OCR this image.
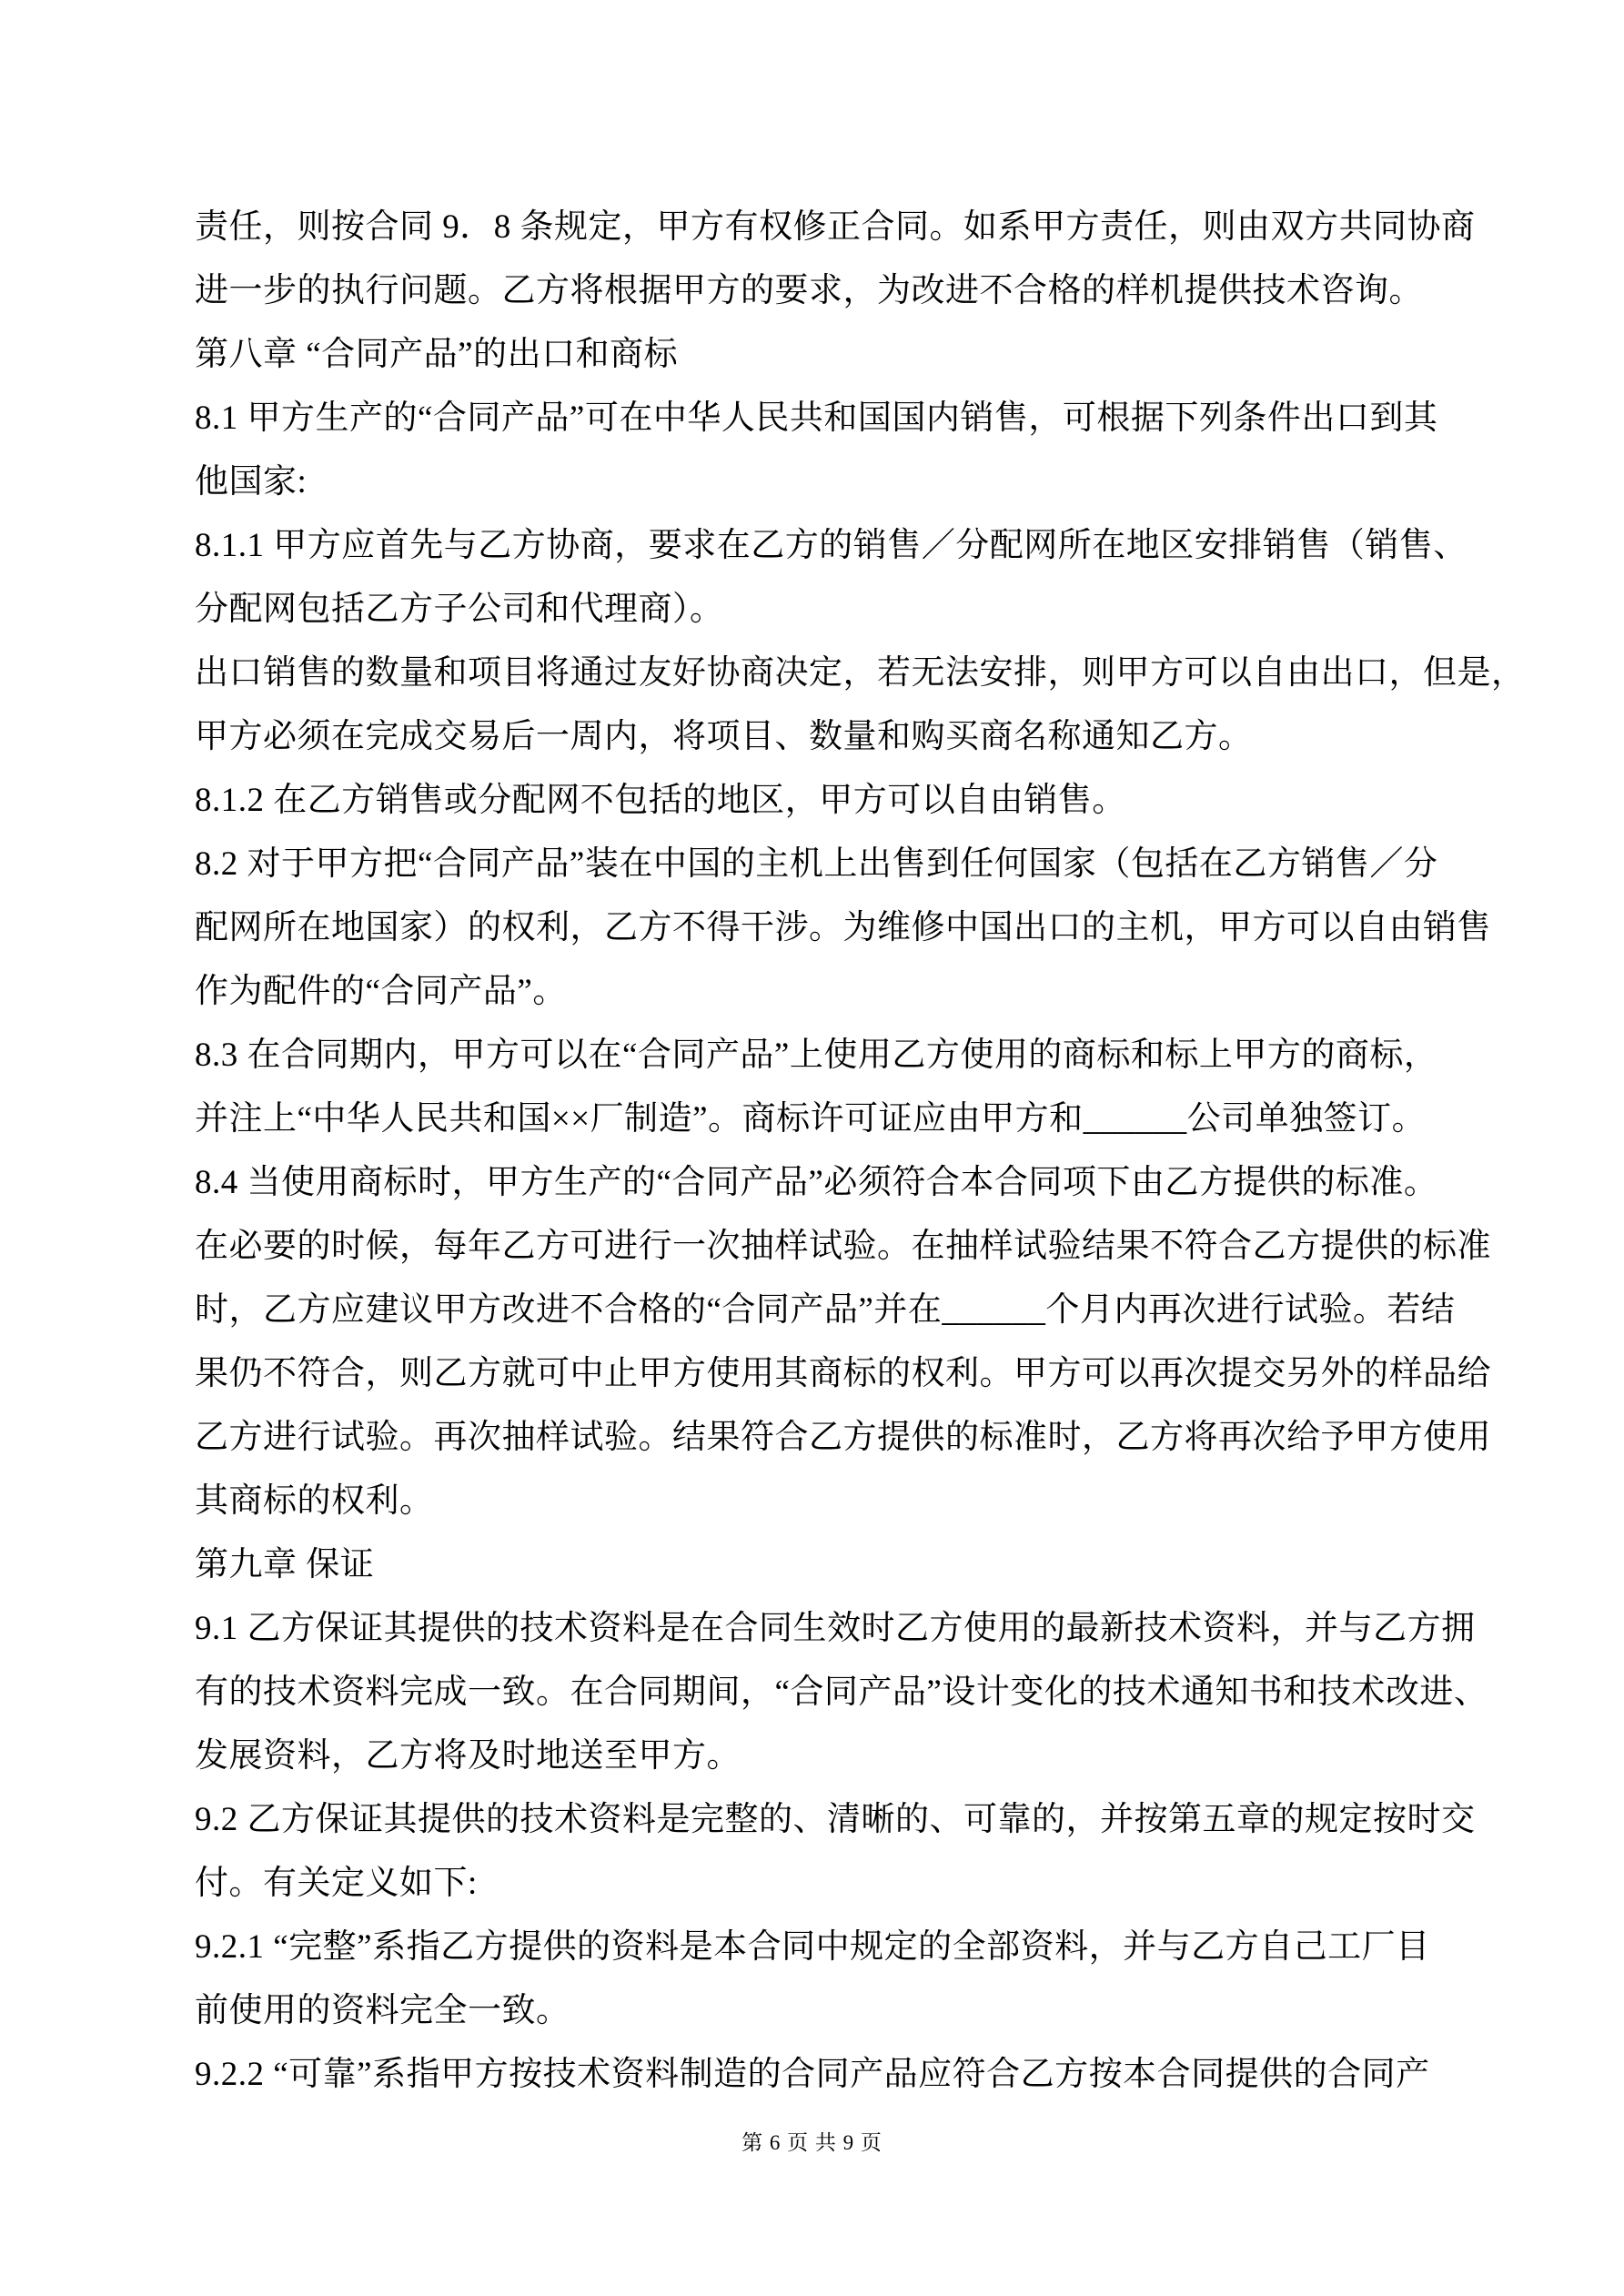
责任，则按合同 9．8 条规定，甲方有权修正合同。如系甲方责任，则由双方共同协商
进一步的执行问题。乙方将根据甲方的要求，为改进不合格的样机提供技术咨询。
第八章 “合同产品”的出口和商标
8.1 甲方生产的“合同产品”可在中华人民共和国国内销售，可根据下列条件出口到其
他国家:
8.1.1 甲方应首先与乙方协商，要求在乙方的销售／分配网所在地区安排销售（销售、
分配网包括乙方子公司和代理商）。
出口销售的数量和项目将通过友好协商决定，若无法安排，则甲方可以自由出口，但是，
甲方必须在完成交易后一周内，将项目、数量和购买商名称通知乙方。
8.1.2 在乙方销售或分配网不包括的地区，甲方可以自由销售。
8.2 对于甲方把“合同产品”装在中国的主机上出售到任何国家（包括在乙方销售／分
配网所在地国家）的权利，乙方不得干涉。为维修中国出口的主机，甲方可以自由销售
作为配件的“合同产品”。
8.3 在合同期内，甲方可以在“合同产品”上使用乙方使用的商标和标上甲方的商标，
并注上“中华人民共和国××厂制造”。商标许可证应由甲方和______公司单独签订。
8.4 当使用商标时，甲方生产的“合同产品”必须符合本合同项下由乙方提供的标准。
在必要的时候，每年乙方可进行一次抽样试验。在抽样试验结果不符合乙方提供的标准
时，乙方应建议甲方改进不合格的“合同产品”并在______个月内再次进行试验。若结
果仍不符合，则乙方就可中止甲方使用其商标的权利。甲方可以再次提交另外的样品给
乙方进行试验。再次抽样试验。结果符合乙方提供的标准时，乙方将再次给予甲方使用
其商标的权利。
第九章 保证
9.1 乙方保证其提供的技术资料是在合同生效时乙方使用的最新技术资料，并与乙方拥
有的技术资料完成一致。在合同期间，“合同产品”设计变化的技术通知书和技术改进、
发展资料，乙方将及时地送至甲方。
9.2 乙方保证其提供的技术资料是完整的、清晰的、可靠的，并按第五章的规定按时交
付。有关定义如下:
9.2.1 “完整”系指乙方提供的资料是本合同中规定的全部资料，并与乙方自己工厂目
前使用的资料完全一致。
9.2.2 “可靠”系指甲方按技术资料制造的合同产品应符合乙方按本合同提供的合同产
第 6 页 共 9 页
